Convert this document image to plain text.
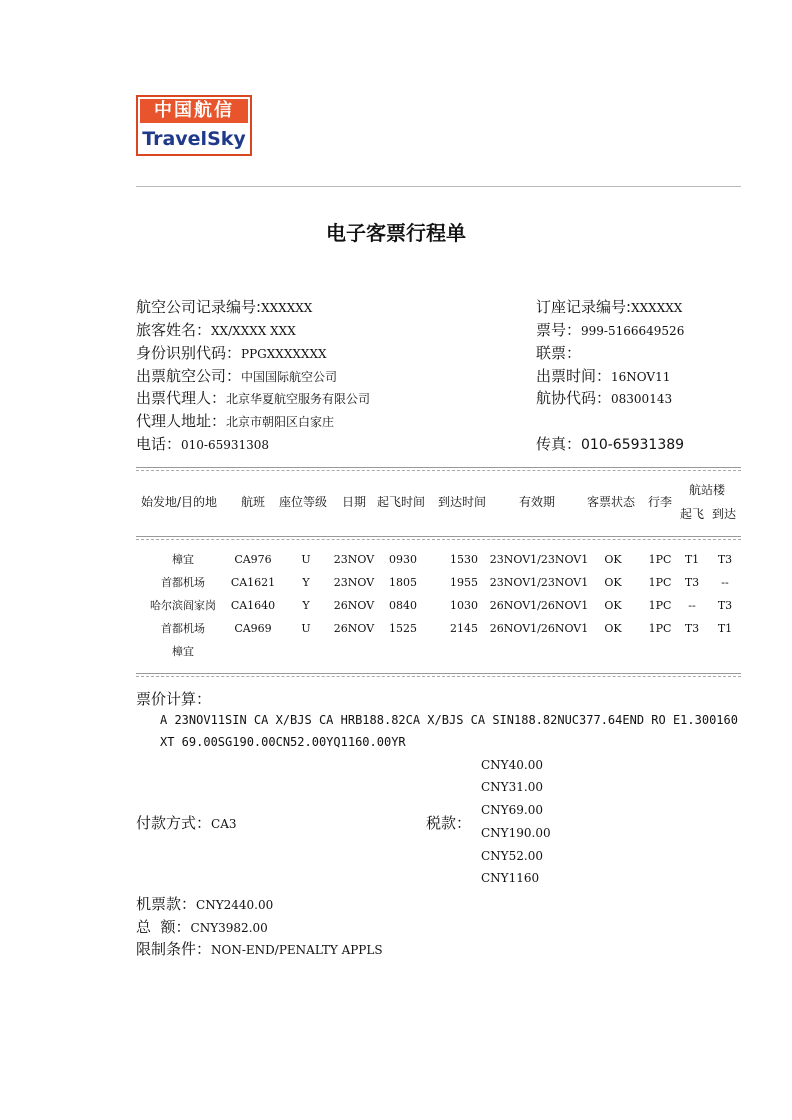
中国航信
TravelSky
电子客票行程单
航空公司记录编号:XXXXXX
旅客姓名：XX/XXXX XXX
身份识别代码：PPGXXXXXXX
出票航空公司：中国国际航空公司
出票代理人：北京华夏航空服务有限公司
代理人地址：北京市朝阳区白家庄
电话：010-65931308
订座记录编号:XXXXXX
票号：999-5166649526
联票：
出票时间：16NOV11
航协代码：08300143
传真：010-65931389
始发地/目的地 航班 座位等级 日期 起飞时间 到达时间	有效期	客票状态 行李
航站楼
起飞 到达
樟宜	CA976	U 23NOV 0930	1530 23NOV1/23NOV1 OK 1PC T1 T3
首都机场 CA1621 Y 23NOV 1805	1955 23NOV1/23NOV1 OK 1PC T3 --
哈尔滨阎家岗 CA1640 Y 26NOV 0840	1030 26NOV1/26NOV1 OK 1PC -- T3
首都机场	CA969	U 26NOV 1525	2145 26NOV1/26NOV1 OK 1PC T3 T1
樟宜
票价计算：
A 23NOV11SIN CA X/BJS CA HRB188.82CA X/BJS CA SIN188.82NUC377.64END RO E1.300160
XT 69.00SG190.00CN52.00YQ1160.00YR
CNY40.00
CNY31.00
CNY69.00
CNY190.00
CNY52.00
CNY1160
付款方式：CA3	税款：
机票款：CNY2440.00
总  额：CNY3982.00
限制条件：NON-END/PENALTY APPLS
